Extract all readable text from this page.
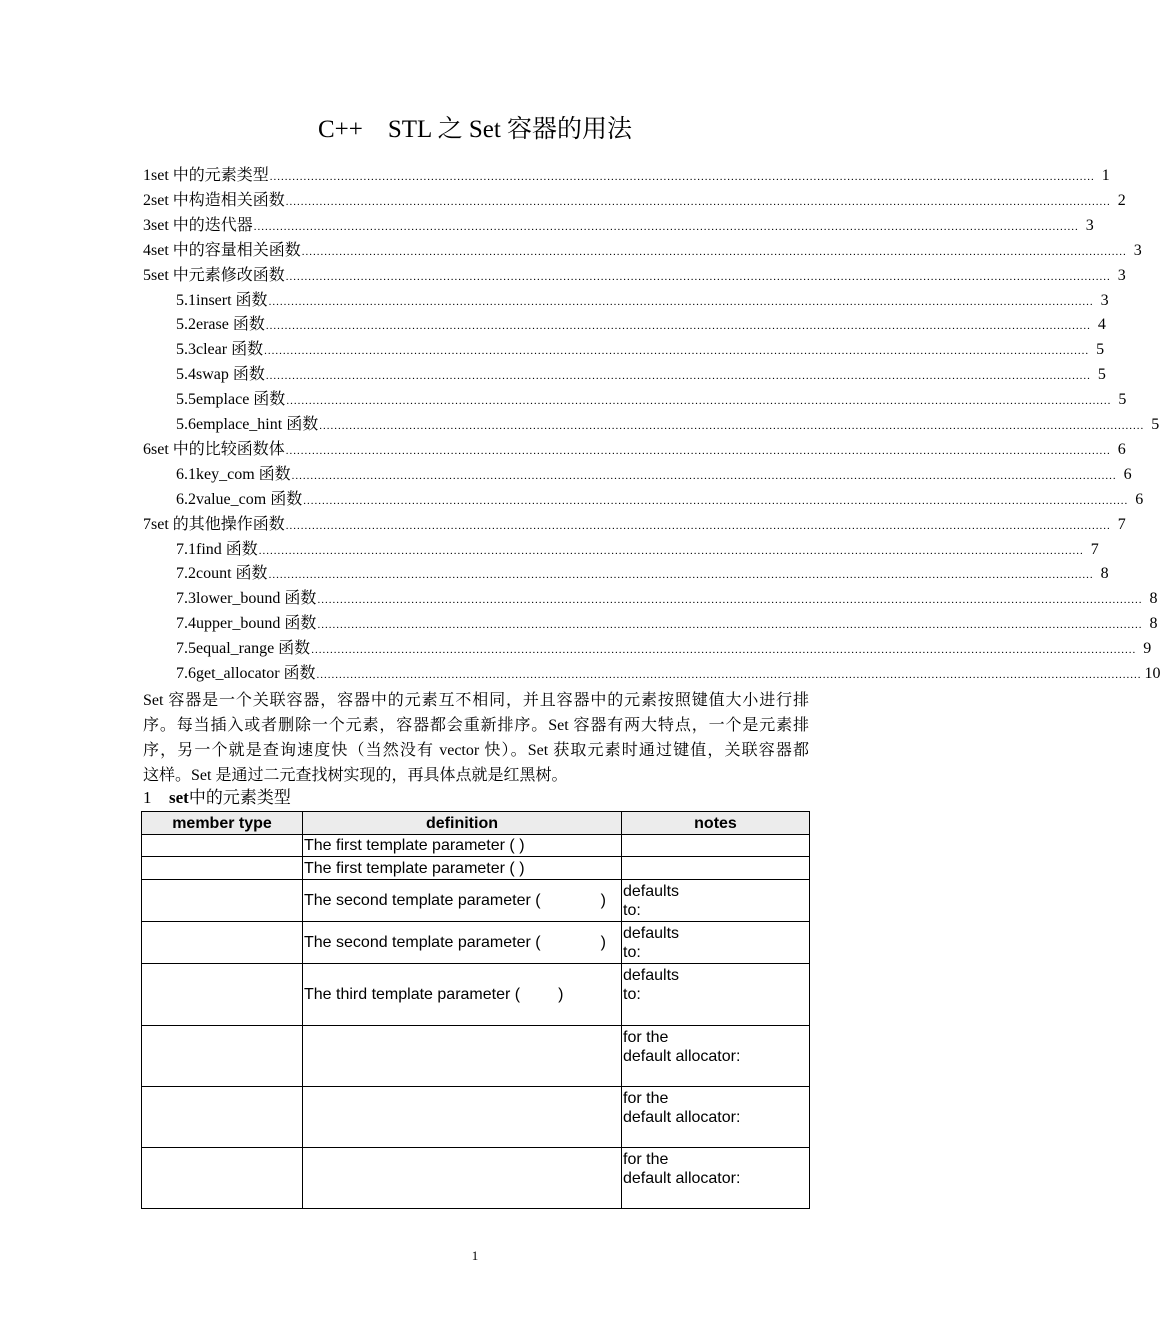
C++　STL 之 Set 容器的用法
1 set 中的元素类型 ............................................................................................................................................................................................................................ 1
2 set 中构造相关函数 ............................................................................................................................................................................................................................ 2
3 set 中的迭代器 ............................................................................................................................................................................................................................ 3
4 set 中的容量相关函数 ............................................................................................................................................................................................................................ 3
5 set 中元素修改函数 ............................................................................................................................................................................................................................ 3
5.1 insert 函数 ............................................................................................................................................................................................................................ 3
5.2 erase 函数 ............................................................................................................................................................................................................................ 4
5.3 clear 函数 ............................................................................................................................................................................................................................ 5
5.4 swap 函数 ............................................................................................................................................................................................................................ 5
5.5 emplace 函数 ............................................................................................................................................................................................................................ 5
5.6 emplace_hint 函数 ............................................................................................................................................................................................................................ 5
6 set 中的比较函数体 ............................................................................................................................................................................................................................ 6
6.1 key_com 函数 ............................................................................................................................................................................................................................ 6
6.2 value_com 函数 ............................................................................................................................................................................................................................ 6
7 set 的其他操作函数 ............................................................................................................................................................................................................................ 7
7.1 find 函数 ............................................................................................................................................................................................................................ 7
7.2 count 函数 ............................................................................................................................................................................................................................ 8
7.3 lower_bound 函数 ............................................................................................................................................................................................................................ 8
7.4 upper_bound 函数 ............................................................................................................................................................................................................................ 8
7.5 equal_range 函数 ............................................................................................................................................................................................................................ 9
7.6 get_allocator 函数 ............................................................................................................................................................................................................................ 10
Set 容器是一个关联容器，容器中的元素互不相同，并且容器中的元素按照键值大小进行排
序。每当插入或者删除一个元素，容器都会重新排序。Set 容器有两大特点，一个是元素排
序，另一个就是查询速度快（当然没有 vector 快）。Set 获取元素时通过键值，关联容器都
这样。Set 是通过二元查找树实现的，再具体点就是红黑树。
1 set中的元素类型
member type	definition	notes
	The first template parameter ( )	
	The first template parameter ( )	
	The second template parameter ( )	defaults
to:
	The second template parameter ( )	defaults
to:
	The third template parameter ( )	defaults
to:
		for the
default allocator:
		for the
default allocator:
		for the
default allocator:
1
